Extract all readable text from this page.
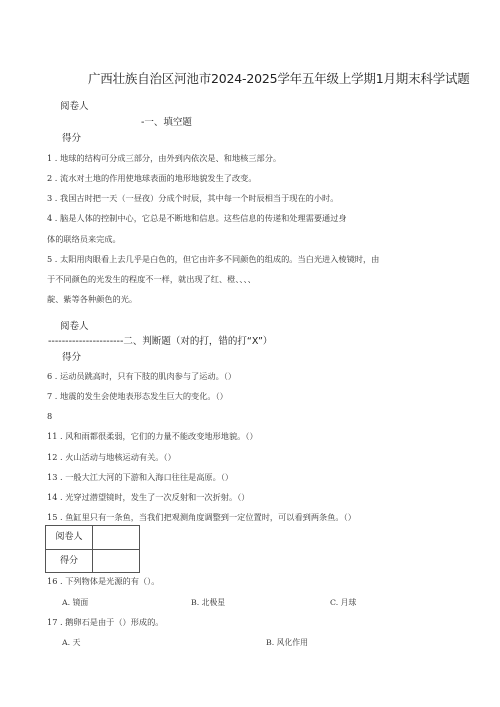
广西壮族自治区河池市2024-2025学年五年级上学期1月期末科学试题
阅卷人
-一、填空题
得分
1 . 地球的结构可分成三部分，由外到内依次是、和地核三部分。
2 . 流水对土地的作用使地球表面的地形地貌发生了改变。
3 . 我国古时把一天（一昼夜）分成个时辰，其中每一个时辰相当于现在的小时。
4 . 脑是人体的控制中心，它总是不断地和信息。这些信息的传递和处理需要通过身
体的联络员来完成。
5 . 太阳用肉眼看上去几乎是白色的，但它由许多不同颜色的组成的。当白光进入棱镜时，由
于不同颜色的光发生的程度不一样，就出现了红、橙、、、、
靛、紫等各种颜色的光。
阅卷人
----------------------二、判断题（对的打，错的打“X”）
得分
6 . 运动员跳高时，只有下肢的肌肉参与了运动。（）
7 . 地震的发生会使地表形态发生巨大的变化。（）
8
11 . 风和雨都很柔弱，它们的力量不能改变地形地貌。（）
12 . 火山活动与地核运动有关。（）
13 . 一般大江大河的下游和入海口往往是高原。（）
14 . 光穿过潜望镜时，发生了一次反射和一次折射。（）
15 . 鱼缸里只有一条鱼，当我们把观测角度调整到一定位置时，可以看到两条鱼。（）
阅卷人
得分
16 . 下列物体是光源的有（）。
A. 镜面	B. 北极星	C. 月球
17 . 鹅卵石是由于（）形成的。
A. 天	B. 风化作用
